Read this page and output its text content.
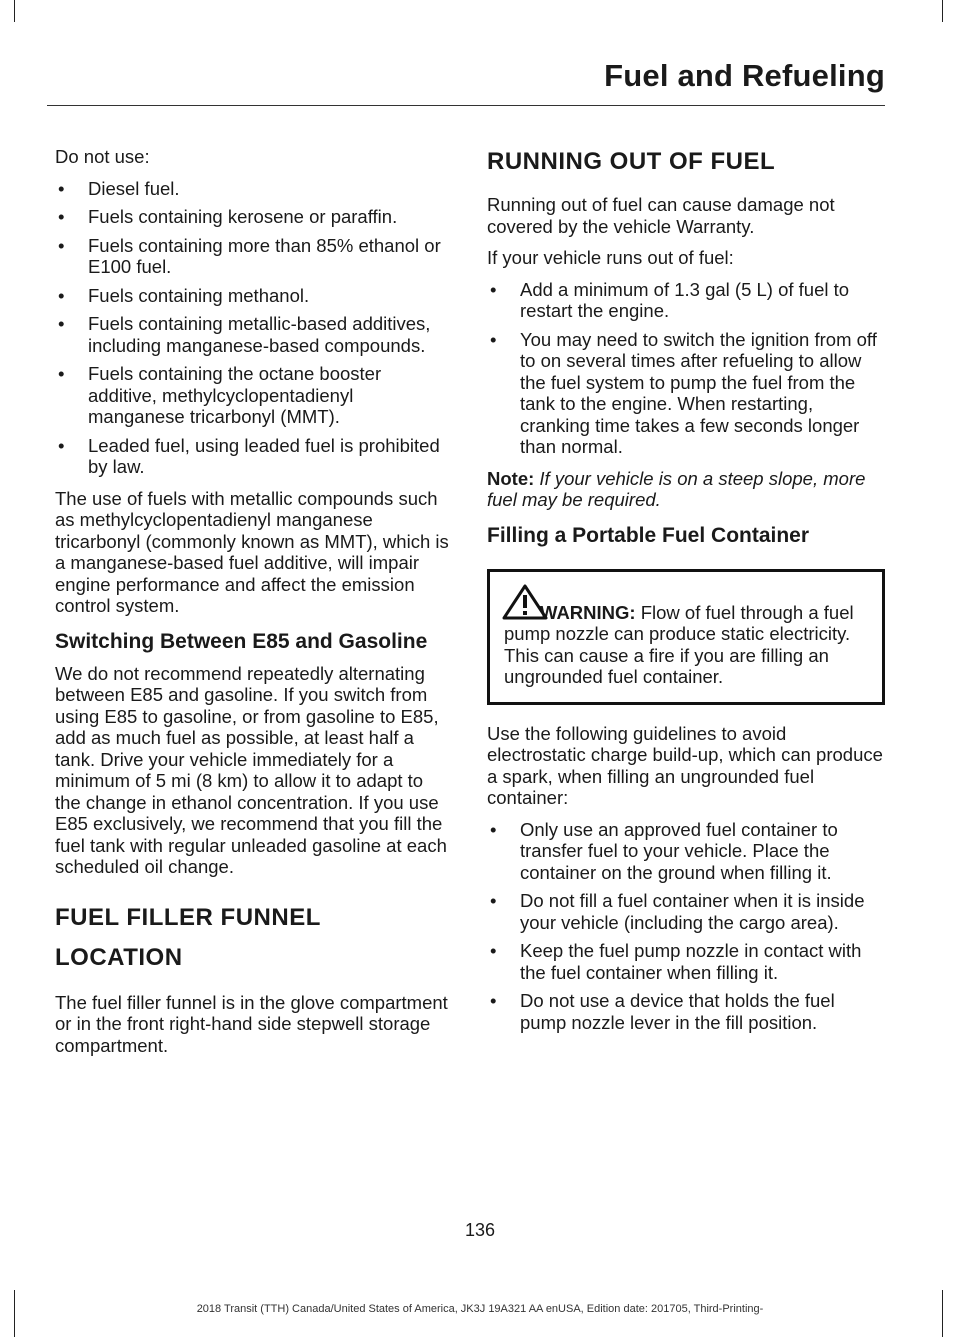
Fuel and Refueling

Do not use:

• Diesel fuel.
• Fuels containing kerosene or paraffin.
• Fuels containing more than 85% ethanol or E100 fuel.
• Fuels containing methanol.
• Fuels containing metallic-based additives, including manganese-based compounds.
• Fuels containing the octane booster additive, methylcyclopentadienyl manganese tricarbonyl (MMT).
• Leaded fuel, using leaded fuel is prohibited by law.

The use of fuels with metallic compounds such as methylcyclopentadienyl manganese tricarbonyl (commonly known as MMT), which is a manganese-based fuel additive, will impair engine performance and affect the emission control system.

Switching Between E85 and Gasoline

We do not recommend repeatedly alternating between E85 and gasoline. If you switch from using E85 to gasoline, or from gasoline to E85, add as much fuel as possible, at least half a tank. Drive your vehicle immediately for a minimum of 5 mi (8 km) to allow it to adapt to the change in ethanol concentration. If you use E85 exclusively, we recommend that you fill the fuel tank with regular unleaded gasoline at each scheduled oil change.

FUEL FILLER FUNNEL
LOCATION

The fuel filler funnel is in the glove compartment or in the front right-hand side stepwell storage compartment.

RUNNING OUT OF FUEL

Running out of fuel can cause damage not covered by the vehicle Warranty.

If your vehicle runs out of fuel:

• Add a minimum of 1.3 gal (5 L) of fuel to restart the engine.
• You may need to switch the ignition from off to on several times after refueling to allow the fuel system to pump the fuel from the tank to the engine. When restarting, cranking time takes a few seconds longer than normal.

Note: If your vehicle is on a steep slope, more fuel may be required.

Filling a Portable Fuel Container

WARNING: Flow of fuel through a fuel pump nozzle can produce static electricity. This can cause a fire if you are filling an ungrounded fuel container.

Use the following guidelines to avoid electrostatic charge build-up, which can produce a spark, when filling an ungrounded fuel container:

• Only use an approved fuel container to transfer fuel to your vehicle. Place the container on the ground when filling it.
• Do not fill a fuel container when it is inside your vehicle (including the cargo area).
• Keep the fuel pump nozzle in contact with the fuel container when filling it.
• Do not use a device that holds the fuel pump nozzle lever in the fill position.
136
2018 Transit (TTH) Canada/United States of America, JK3J 19A321 AA enUSA, Edition date: 201705, Third-Printing-
